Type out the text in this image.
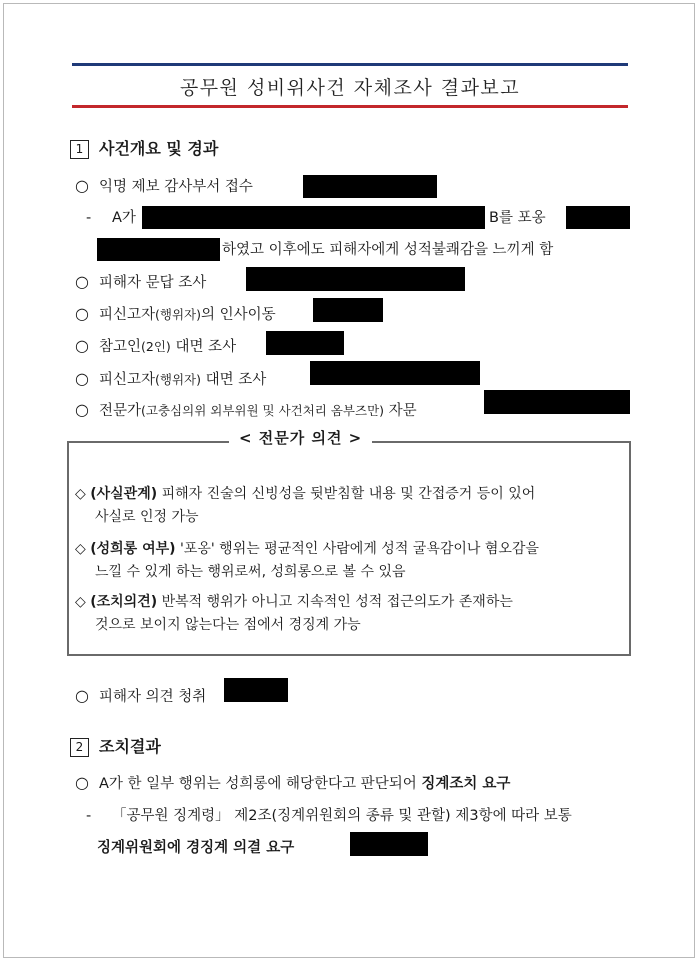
공무원 성비위사건 자체조사 결과보고
1 사건개요 및 경과
○ 익명 제보 감사부서 접수
- A가	B를 포옹
하였고 이후에도 피해자에게 성적불쾌감을 느끼게 함
○ 피해자 문답 조사
○ 피신고자(행위자)의 인사이동
○ 참고인(2인) 대면 조사
○ 피신고자(행위자) 대면 조사
○ 전문가(고충심의위 외부위원 및 사건처리 옴부즈만) 자문
< 전문가 의견 >
◇ (사실관계) 피해자 진술의 신빙성을 뒷받침할 내용 및 간접증거 등이 있어
사실로 인정 가능
◇ (성희롱 여부) '포옹' 행위는 평균적인 사람에게 성적 굴욕감이나 혐오감을
느낄 수 있게 하는 행위로써, 성희롱으로 볼 수 있음
◇ (조치의견) 반복적 행위가 아니고 지속적인 성적 접근의도가 존재하는
것으로 보이지 않는다는 점에서 경징계 가능
○ 피해자 의견 청취
2 조치결과
○ A가 한 일부 행위는 성희롱에 해당한다고 판단되어 징계조치 요구
- 「공무원 징계령」 제2조(징계위원회의 종류 및 관할) 제3항에 따라 보통
징계위원회에 경징계 의결 요구
